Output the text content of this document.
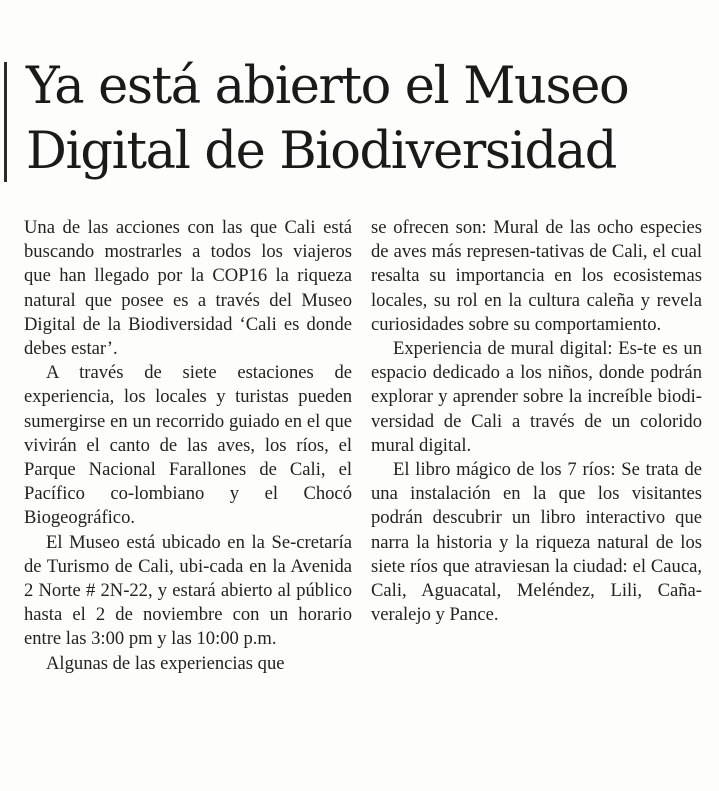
Ya está abierto el Museo Digital de Biodiversidad

Una de las acciones con las que Cali está buscando mostrarles a todos los viajeros que han llegado por la COP16 la riqueza natural que posee es a través del Museo Digital de la Biodiversidad ‘Cali es donde debes estar’.

A través de siete estaciones de experiencia, los locales y turistas pueden sumergirse en un recorrido guiado en el que vivirán el canto de las aves, los ríos, el Parque Nacional Farallones de Cali, el Pacífico co-lombiano y el Chocó Biogeográfico.

El Museo está ubicado en la Se-cretaría de Turismo de Cali, ubi-cada en la Avenida 2 Norte # 2N-22, y estará abierto al público hasta el 2 de noviembre con un horario entre las 3:00 pm y las 10:00 p.m.

Algunas de las experiencias que

se ofrecen son: Mural de las ocho especies de aves más represen-tativas de Cali, el cual resalta su importancia en los ecosistemas locales, su rol en la cultura caleña y revela curiosidades sobre su comportamiento.

Experiencia de mural digital: Es-te es un espacio dedicado a los niños, donde podrán explorar y aprender sobre la increíble biodi-versidad de Cali a través de un colorido mural digital.

El libro mágico de los 7 ríos: Se trata de una instalación en la que los visitantes podrán descubrir un libro interactivo que narra la historia y la riqueza natural de los siete ríos que atraviesan la ciudad: el Cauca, Cali, Aguacatal, Meléndez, Lili, Caña-veralejo y Pance.
